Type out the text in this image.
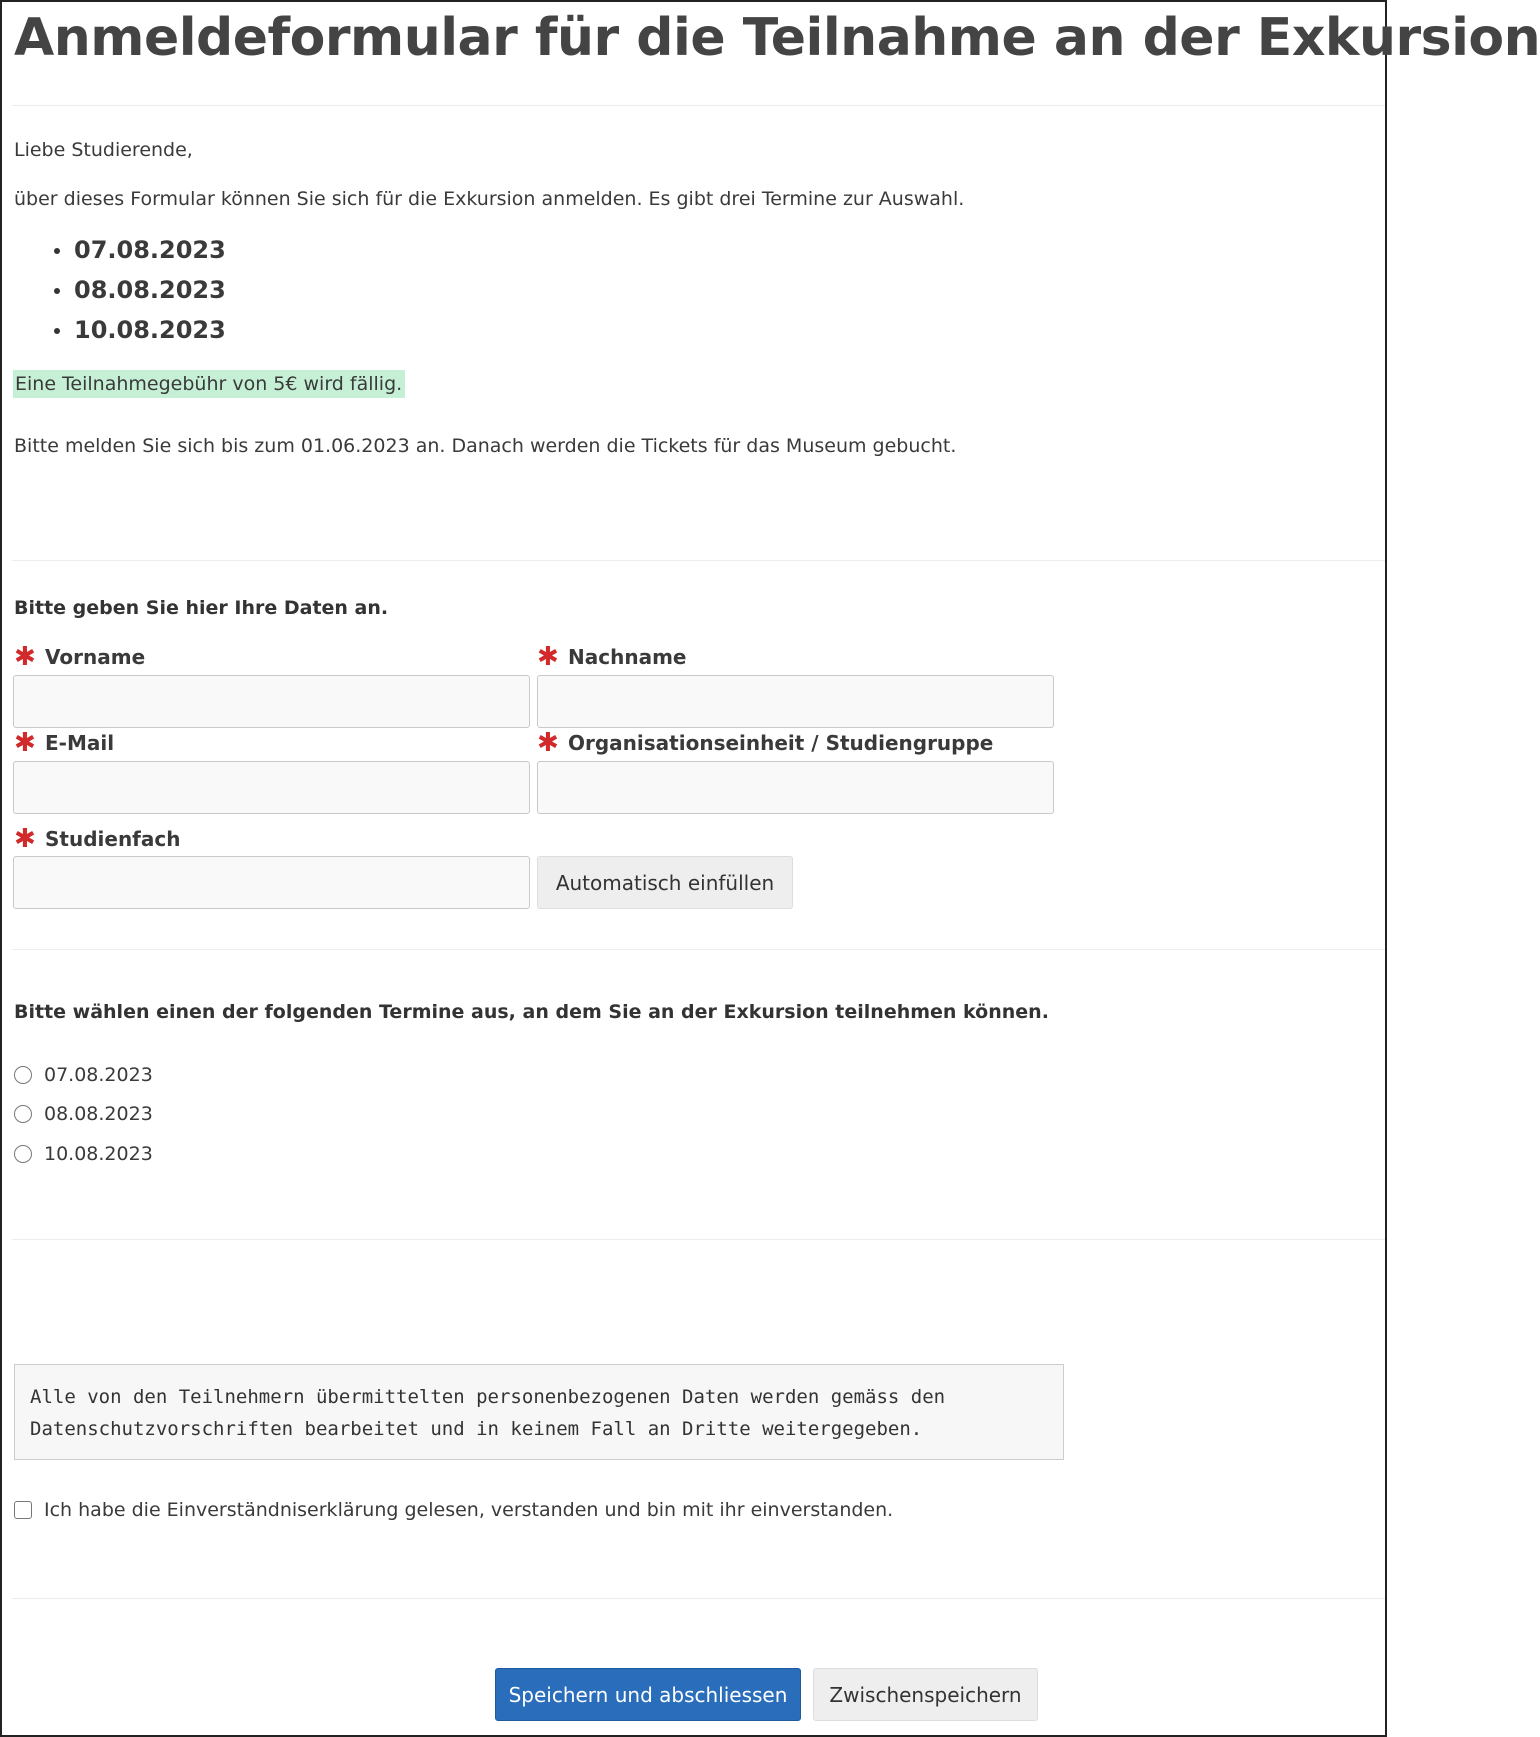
Anmeldeformular für die Teilnahme an der Exkursion
Liebe Studierende,
über dieses Formular können Sie sich für die Exkursion anmelden. Es gibt drei Termine zur Auswahl.
07.08.2023
08.08.2023
10.08.2023
Eine Teilnahmegebühr von 5€ wird fällig.
Bitte melden Sie sich bis zum 01.06.2023 an. Danach werden die Tickets für das Museum gebucht.
Bitte geben Sie hier Ihre Daten an.
✱ Vorname	✱ Nachname
✱ E-Mail	✱ Organisationseinheit / Studiengruppe
✱ Studienfach
Automatisch einfüllen
Bitte wählen einen der folgenden Termine aus, an dem Sie an der Exkursion teilnehmen können.
07.08.2023
08.08.2023
10.08.2023
Alle von den Teilnehmern übermittelten personenbezogenen Daten werden gemäss den
Datenschutzvorschriften bearbeitet und in keinem Fall an Dritte weitergegeben.
Ich habe die Einverständniserklärung gelesen, verstanden und bin mit ihr einverstanden.
Speichern und abschliessen	Zwischenspeichern
